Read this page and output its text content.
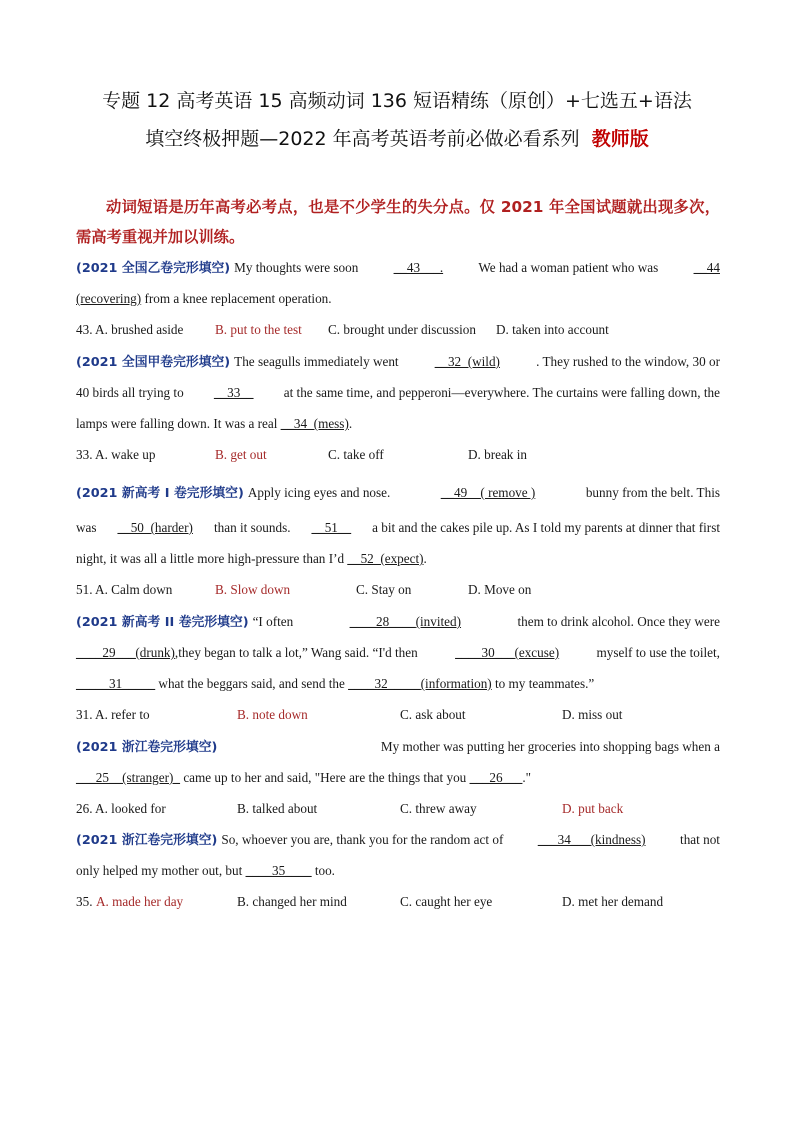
专题 12 高考英语 15 高频动词 136 短语精练（原创）+七选五+语法
填空终极押题—2022 年高考英语考前必做必看系列 教师版
动词短语是历年高考必考点，也是不少学生的失分点。仅 2021 年全国试题就出现多次，需高考重视并加以训练。
(2021 全国乙卷完形填空) My thoughts were soon	__43___.	We had a woman patient who was	__44
(recovering)
from a knee replacement operation.
43. A. brushed aside B. put to the test C. brought under discussion D. taken into account
(2021 全国甲卷完形填空) The seagulls immediately went	__32  (wild)	. They rushed to the window, 30 or
40 birds all trying to __33__ at the same time, and pepperoni—everywhere. The curtains were falling down, the
lamps were falling down. It was a real
__34  (mess) .
33. A. wake up	B. get out	C. take off	D. break in
(2021 新高考 I 卷完形填空) Apply icing eyes and nose.	__49    ( remove )	bunny from the belt. This
was __50  (harder) than it sounds. __51__ a bit and the cakes pile up. As I told my parents at dinner that first
night, it was all a little more high-pressure than I’d
__52  (expect) .
51. A. Calm down	B. Slow down	C. Stay on	D. Move on
(2021 新高考 II 卷完形填空) “I often	____28____(invited)	them to drink alcohol. Once they were
____29___(drunk),they began to talk a lot,” Wang said. “I'd then	____30___(excuse)	myself to use the toilet,
_____31_____
what the beggars said, and send the
____32_____ (information)
to my teammates.”
31. A. refer to	B. note down	C. ask about	D. miss out
(2021 浙江卷完形填空)	My mother was putting her groceries into shopping bags when a
___25__(stranger)_
came up to her and said, "Here are the things that you
___26___ ."
26. A. looked for	B. talked about	C. threw away	D. put back
(2021 浙江卷完形填空) So, whoever you are, thank you for the random act of	___34___(kindness)	that not
only helped my mother out, but
____35____
too.
35. A. made her day	B. changed her mind	C. caught her eye	D. met her demand
